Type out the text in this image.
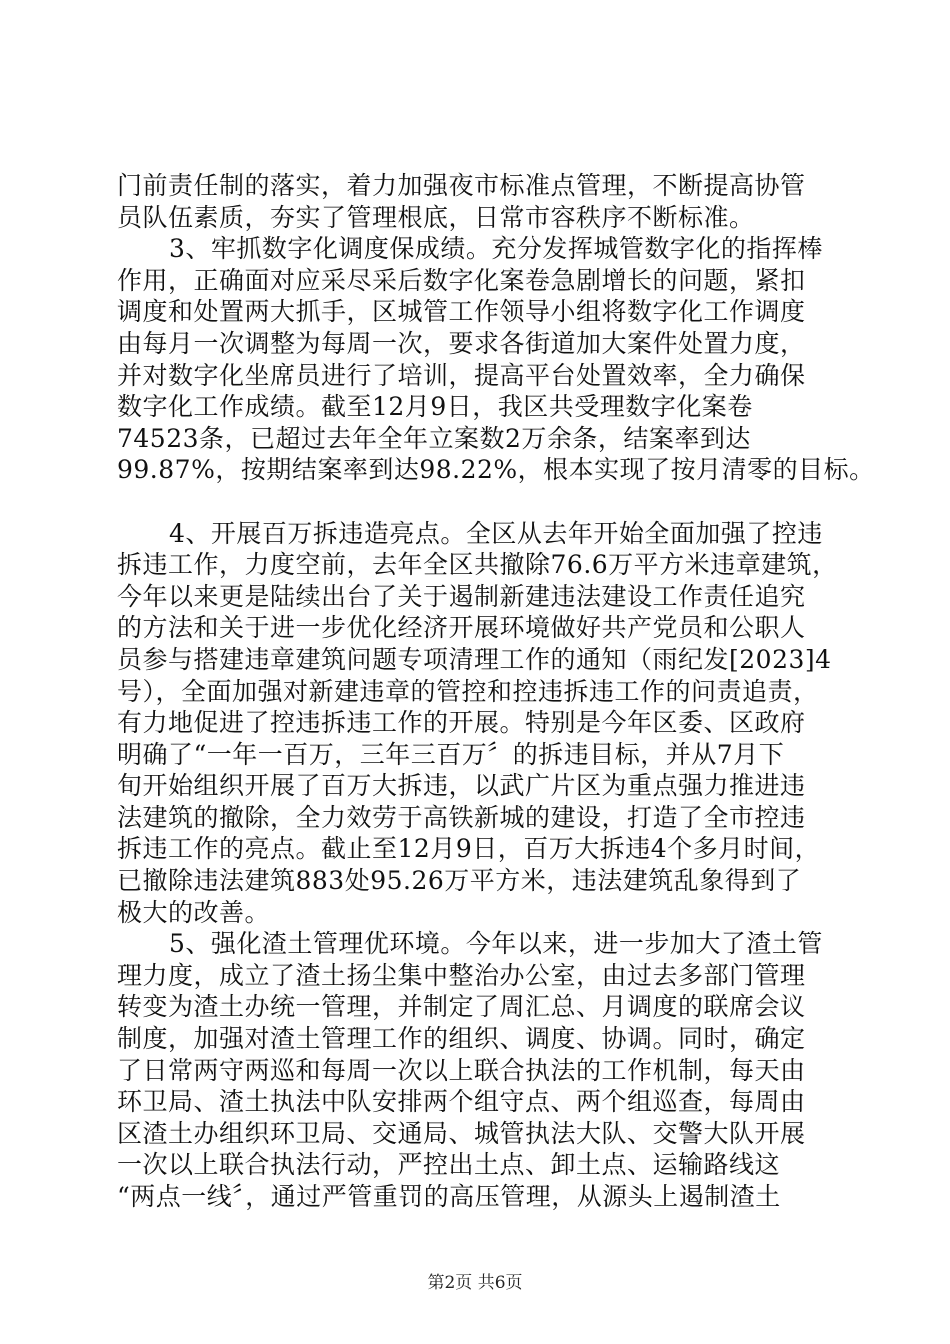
门前责任制的落实，着力加强夜市标准点管理，不断提高协管
员队伍素质，夯实了管理根底，日常市容秩序不断标准。
3、牢抓数字化调度保成绩。充分发挥城管数字化的指挥棒
作用，正确面对应采尽采后数字化案卷急剧增长的问题，紧扣
调度和处置两大抓手，区城管工作领导小组将数字化工作调度
由每月一次调整为每周一次，要求各街道加大案件处置力度，
并对数字化坐席员进行了培训，提高平台处置效率，全力确保
数字化工作成绩。截至12月9日，我区共受理数字化案卷
74523条，已超过去年全年立案数2万余条，结案率到达
99.87%，按期结案率到达98.22%，根本实现了按月清零的目标。
4、开展百万拆违造亮点。全区从去年开始全面加强了控违
拆违工作，力度空前，去年全区共撤除76.6万平方米违章建筑，
今年以来更是陆续出台了关于遏制新建违法建设工作责任追究
的方法和关于进一步优化经济开展环境做好共产党员和公职人
员参与搭建违章建筑问题专项清理工作的通知（雨纪发[2023]4
号），全面加强对新建违章的管控和控违拆违工作的问责追责，
有力地促进了控违拆违工作的开展。特别是今年区委、区政府
明确了“一年一百万，三年三百万〞的拆违目标，并从7月下
旬开始组织开展了百万大拆违，以武广片区为重点强力推进违
法建筑的撤除，全力效劳于高铁新城的建设，打造了全市控违
拆违工作的亮点。截止至12月9日，百万大拆违4个多月时间，
已撤除违法建筑883处95.26万平方米，违法建筑乱象得到了
极大的改善。
5、强化渣土管理优环境。今年以来，进一步加大了渣土管
理力度，成立了渣土扬尘集中整治办公室，由过去多部门管理
转变为渣土办统一管理，并制定了周汇总、月调度的联席会议
制度，加强对渣土管理工作的组织、调度、协调。同时，确定
了日常两守两巡和每周一次以上联合执法的工作机制，每天由
环卫局、渣土执法中队安排两个组守点、两个组巡查，每周由
区渣土办组织环卫局、交通局、城管执法大队、交警大队开展
一次以上联合执法行动，严控出土点、卸土点、运输路线这
“两点一线〞，通过严管重罚的高压管理，从源头上遏制渣土
第2页 共6页
